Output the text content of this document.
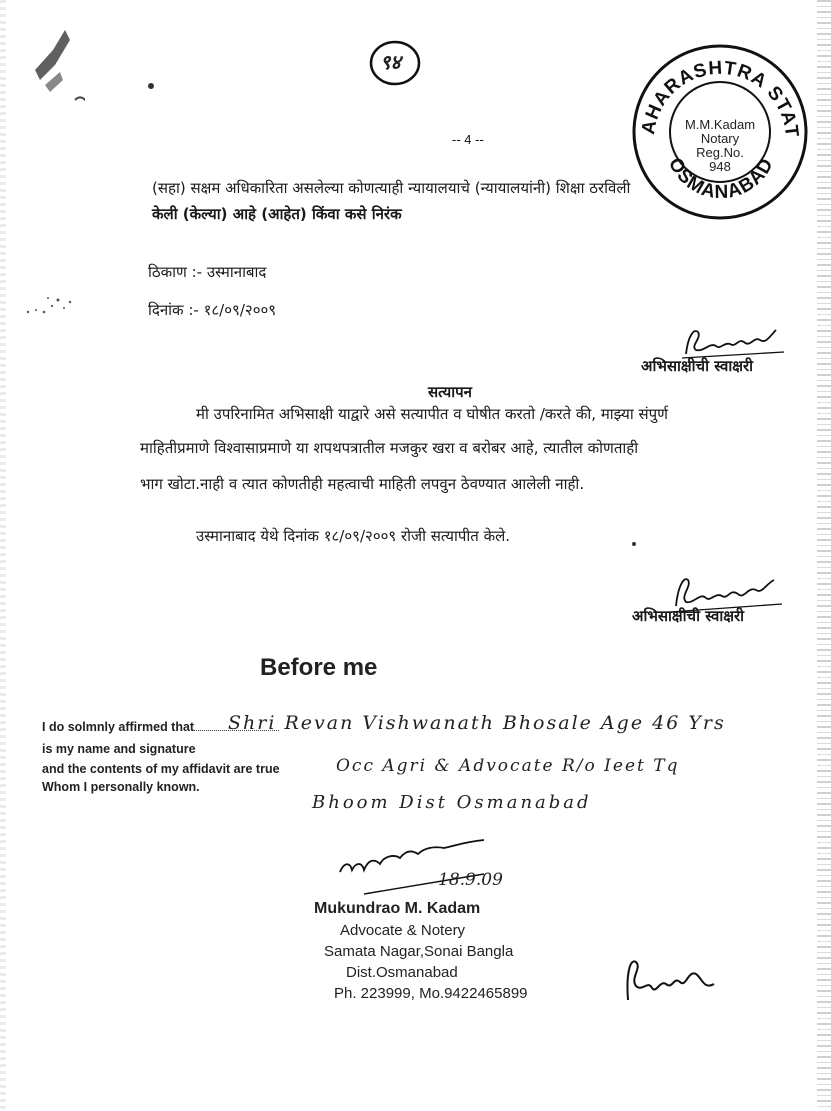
९४
-- 4 --
AHARASHTRA STAT
OSMANABAD
M.M.Kadam
Notary
Reg.No.
948
(सहा) सक्षम अधिकारिता असलेल्या कोणत्याही न्यायालयाचे (न्यायालयांनी) शिक्षा ठरविली
केली (केल्या) आहे (आहेत) किंवा कसे निरंक
ठिकाण :- उस्मानाबाद
दिनांक :- १८/०९/२००९
अभिसाक्षीची स्वाक्षरी
सत्यापन
मी उपरिनामित अभिसाक्षी याद्वारे असे सत्यापीत व घोषीत करतो /करते की, माझ्या संपुर्ण
माहितीप्रमाणे विश्वासाप्रमाणे या शपथपत्रातील मजकुर खरा व बरोबर आहे, त्यातील कोणताही
भाग खोटा.नाही व त्यात कोणतीही महत्वाची माहिती लपवुन ठेवण्यात आलेली नाही.
उस्मानाबाद येथे दिनांक १८/०९/२००९ रोजी सत्यापीत केले.
अभिसाक्षीची स्वाक्षरी
Before me
I do solmnly affirmed that
is my name and signature
and the contents of my affidavit are true
Whom I personally known.
Shri Revan Vishwanath Bhosale Age 46 Yrs
Occ Agri & Advocate R/o Ieet Tq
Bhoom Dist Osmanabad
18.9.09
Mukundrao M. Kadam
Advocate & Notery
Samata Nagar,Sonai Bangla
Dist.Osmanabad
Ph. 223999, Mo.9422465899
